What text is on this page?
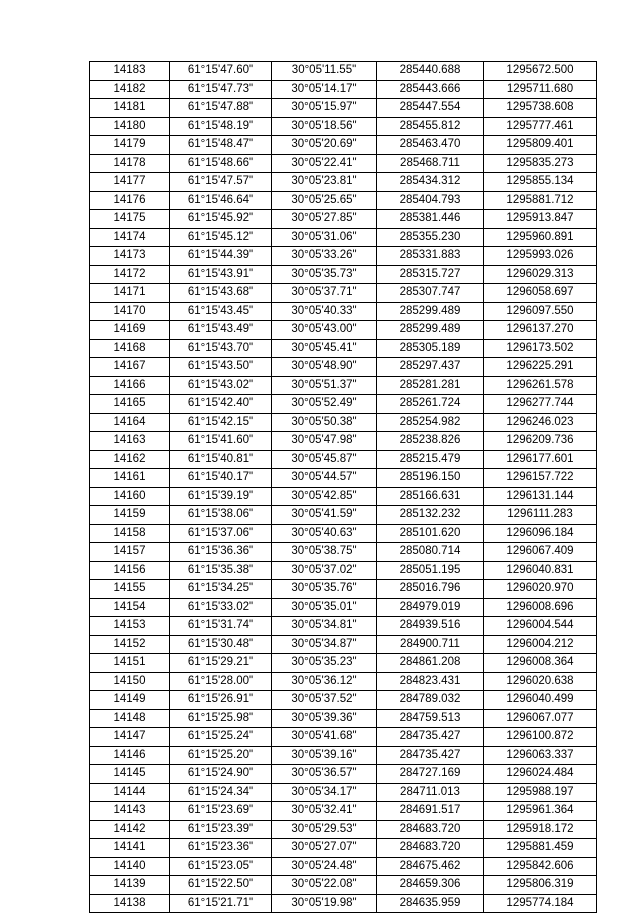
14183	61°15'47.60"	30°05'11.55"	285440.688	1295672.500
14182	61°15'47.73"	30°05'14.17"	285443.666	1295711.680
14181	61°15'47.88"	30°05'15.97"	285447.554	1295738.608
14180	61°15'48.19"	30°05'18.56"	285455.812	1295777.461
14179	61°15'48.47"	30°05'20.69"	285463.470	1295809.401
14178	61°15'48.66"	30°05'22.41"	285468.711	1295835.273
14177	61°15'47.57"	30°05'23.81"	285434.312	1295855.134
14176	61°15'46.64"	30°05'25.65"	285404.793	1295881.712
14175	61°15'45.92"	30°05'27.85"	285381.446	1295913.847
14174	61°15'45.12"	30°05'31.06"	285355.230	1295960.891
14173	61°15'44.39"	30°05'33.26"	285331.883	1295993.026
14172	61°15'43.91"	30°05'35.73"	285315.727	1296029.313
14171	61°15'43.68"	30°05'37.71"	285307.747	1296058.697
14170	61°15'43.45"	30°05'40.33"	285299.489	1296097.550
14169	61°15'43.49"	30°05'43.00"	285299.489	1296137.270
14168	61°15'43.70"	30°05'45.41"	285305.189	1296173.502
14167	61°15'43.50"	30°05'48.90"	285297.437	1296225.291
14166	61°15'43.02"	30°05'51.37"	285281.281	1296261.578
14165	61°15'42.40"	30°05'52.49"	285261.724	1296277.744
14164	61°15'42.15"	30°05'50.38"	285254.982	1296246.023
14163	61°15'41.60"	30°05'47.98"	285238.826	1296209.736
14162	61°15'40.81"	30°05'45.87"	285215.479	1296177.601
14161	61°15'40.17"	30°05'44.57"	285196.150	1296157.722
14160	61°15'39.19"	30°05'42.85"	285166.631	1296131.144
14159	61°15'38.06"	30°05'41.59"	285132.232	1296111.283
14158	61°15'37.06"	30°05'40.63"	285101.620	1296096.184
14157	61°15'36.36"	30°05'38.75"	285080.714	1296067.409
14156	61°15'35.38"	30°05'37.02"	285051.195	1296040.831
14155	61°15'34.25"	30°05'35.76"	285016.796	1296020.970
14154	61°15'33.02"	30°05'35.01"	284979.019	1296008.696
14153	61°15'31.74"	30°05'34.81"	284939.516	1296004.544
14152	61°15'30.48"	30°05'34.87"	284900.711	1296004.212
14151	61°15'29.21"	30°05'35.23"	284861.208	1296008.364
14150	61°15'28.00"	30°05'36.12"	284823.431	1296020.638
14149	61°15'26.91"	30°05'37.52"	284789.032	1296040.499
14148	61°15'25.98"	30°05'39.36"	284759.513	1296067.077
14147	61°15'25.24"	30°05'41.68"	284735.427	1296100.872
14146	61°15'25.20"	30°05'39.16"	284735.427	1296063.337
14145	61°15'24.90"	30°05'36.57"	284727.169	1296024.484
14144	61°15'24.34"	30°05'34.17"	284711.013	1295988.197
14143	61°15'23.69"	30°05'32.41"	284691.517	1295961.364
14142	61°15'23.39"	30°05'29.53"	284683.720	1295918.172
14141	61°15'23.36"	30°05'27.07"	284683.720	1295881.459
14140	61°15'23.05"	30°05'24.48"	284675.462	1295842.606
14139	61°15'22.50"	30°05'22.08"	284659.306	1295806.319
14138	61°15'21.71"	30°05'19.98"	284635.959	1295774.184
